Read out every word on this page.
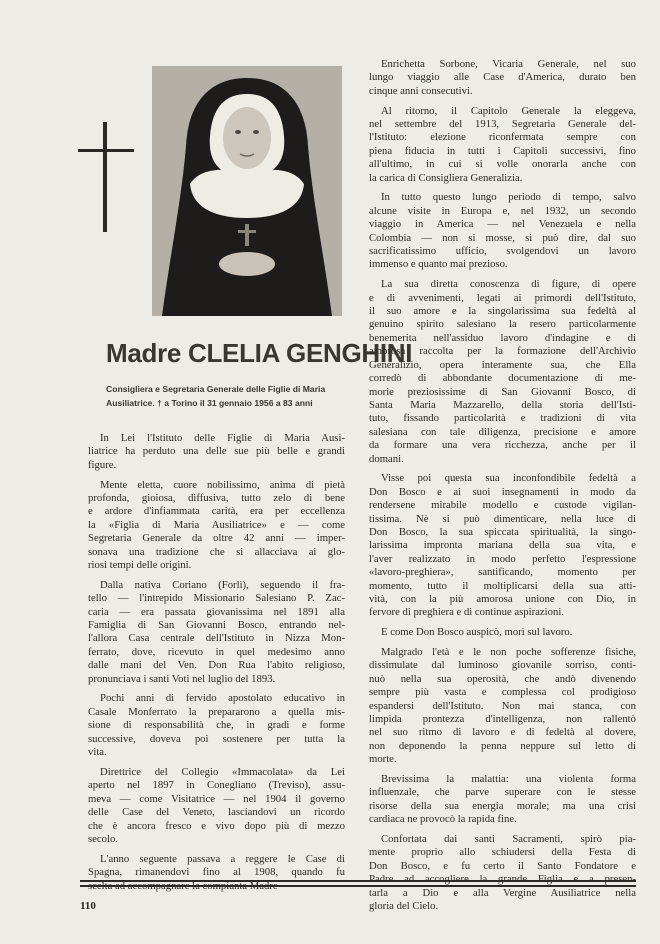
Madre CLELIA GENGHINI
Consigliera e Segretaria Generale delle Figlie di Maria
Ausiliatrice. † a Torino il 31 gennaio 1956 a 83 anni

In Lei l'Istituto delle Figlie di Maria Ausi-
liatrice ha perduto una delle sue più belle e grandi
figure.

Mente eletta, cuore nobilissimo, anima di pietà
profonda, gioiosa, diffusiva, tutto zelo di bene
e ardore d'infiammata carità, era per eccellenza
la «Figlia di Maria Ausiliatrice» e — come
Segretaria Generale da oltre 42 anni — imper-
sonava una tradizione che si allacciava ai glo-
riosi tempi delle origini.

Dalla nativa Coriano (Forlì), seguendo il fra-
tello — l'intrepido Missionario Salesiano P. Zac-
caria — era passata giovanissima nel 1891 alla
Famiglia di San Giovanni Bosco, entrando nel-
l'allora Casa centrale dell'Istituto in Nizza Mon-
ferrato, dove, ricevuto in quel medesimo anno
dalle mani del Ven. Don Rua l'abito religioso,
pronunciava i santi Voti nel luglio del 1893.

Pochi anni di fervido apostolato educativo in
Casale Monferrato la prepararono a quella mis-
sione di responsabilità che, in gradi e forme
successive, doveva poi sostenere per tutta la
vita.

Direttrice del Collegio «Immacolata» da Lei
aperto nel 1897 in Conegliano (Treviso), assu-
meva — come Visitatrice — nel 1904 il governo
delle Case del Veneto, lasciandovi un ricordo
che è ancora fresco e vivo dopo più di mezzo
secolo.

L'anno seguente passava a reggere le Case di
Spagna, rimanendovi fino al 1908, quando fu

Enrichetta Sorbone, Vicaria Generale, nel suo
lungo viaggio alle Case d'America, durato ben
cinque anni consecutivi.

Al ritorno, il Capitolo Generale la eleggeva,
nel settembre del 1913, Segretaria Generale del-
l'Istituto: elezione riconfermata sempre con
piena fiducia in tutti i Capitoli successivi, fino
all'ultimo, in cui si volle onorarla anche con
la carica di Consigliera Generalizia.

In tutto questo lungo periodo di tempo, salvo
alcune visite in Europa e, nel 1932, un secondo
viaggio in America — nel Venezuela e nella
Colombia — non si mosse, si può dire, dal suo
sacrificatissimo ufficio, svolgendovi un lavoro
immenso e quanto mai prezioso.

La sua diretta conoscenza di figure, di opere
e di avvenimenti, legati ai primordi dell'Istituto,
il suo amore e la singolarissima sua fedeltà al
genuino spirito salesiano la resero particolarmente
benemerita nell'assiduo lavoro d'indagine e di
amorosa raccolta per la formazione dell'Archivio
Generalizio, opera interamente sua, che Ella
corredò di abbondante documentazione di me-
morie preziosissime di San Giovanni Bosco, di
Santa Maria Mazzarello, della storia dell'Isti-
tuto, fissando particolarità e tradizioni di vita
salesiana con tale diligenza, precisione e amore
da formare una vera ricchezza, anche per il
domani.

Visse poi questa sua inconfondibile fedeltà a
Don Bosco e ai suoi insegnamenti in modo da
rendersene mirabile modello e custode vigilan-
tissima. Nè si può dimenticare, nella luce di
Don Bosco, la sua spiccata spiritualità, la singo-
larissima impronta mariana della sua vita, e
l'aver realizzato in modo perfetto l'espressione
«lavoro-preghiera», santificando, momento per
momento, tutto il moltiplicarsi della sua atti-
vità, con la più amorosa unione con Dio, in
fervore di preghiera e di continue aspirazioni.

E come Don Bosco auspicò, morì sul lavoro.

Malgrado l'età e le non poche sofferenze fisiche,
dissimulate dal luminoso giovanile sorriso, conti-
nuò nella sua operosità, che andò divenendo
sempre più vasta e complessa col prodigioso
espandersi dell'Istituto. Non mai stanca, con
limpida prontezza d'intelligenza, non rallentò
nel suo ritmo di lavoro e di fedeltà al dovere,
non deponendo la penna neppure sul letto di
morte.

Brevissima la malattia: una violenta forma
influenzale, che parve superare con le stesse
risorse della sua energia morale; ma una crisi
cardiaca ne provocò la rapida fine.

Confortata dai santi Sacramenti, spirò pia-
mente proprio allo schiudersi della Festa di
Don Bosco, e fu certo il Santo Fondatore e
tarla a Dio e alla Vergine Ausiliatrice nella
gloria del Cielo.

110
